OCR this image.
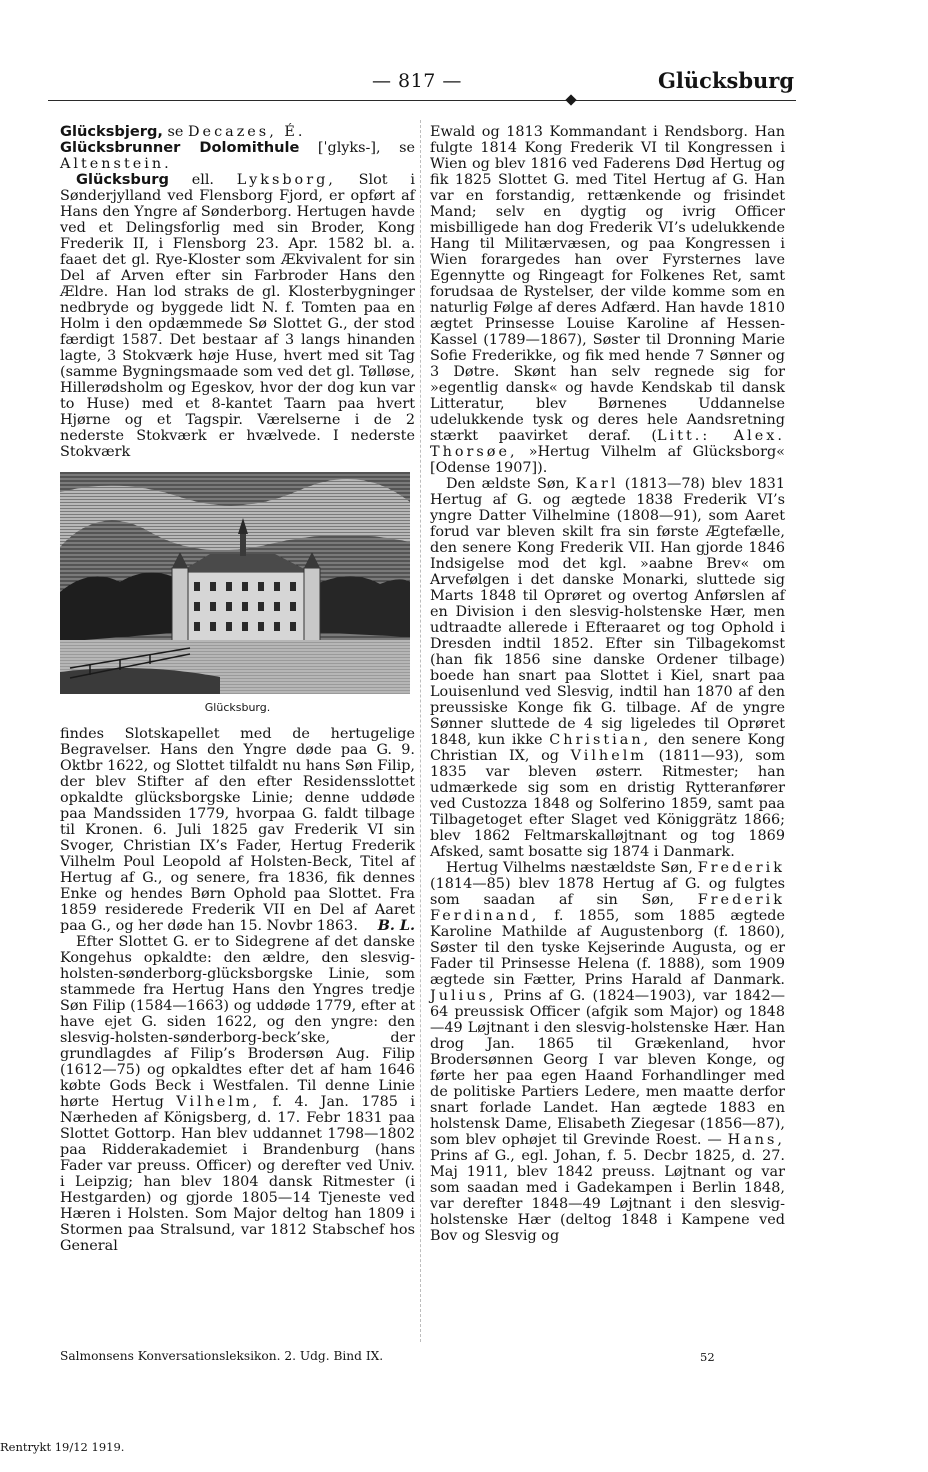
— 817 —	Glücksburg

Glücksbjerg, se Decazes, É.

Glücksbrunner Dolomithule [ˈglyks-], se Altenstein.

Glücksburg ell. Lyksborg, Slot i Sønderjylland ved Flensborg Fjord, er opført af Hans den Yngre af Sønderborg. Hertugen havde ved et Delingsforlig med sin Broder, Kong Frederik II, i Flensborg 23. Apr. 1582 bl. a. faaet det gl. Rye-Kloster som Ækvivalent for sin Del af Arven efter sin Farbroder Hans den Ældre. Han lod straks de gl. Klosterbygninger nedbryde og byggede lidt N. f. Tomten paa en Holm i den opdæmmede Sø Slottet G., der stod færdigt 1587. Det bestaar af 3 langs hinanden lagte, 3 Stokværk høje Huse, hvert med sit Tag (samme Bygningsmaade som ved det gl. Tølløse, Hillerødsholm og Egeskov, hvor der dog kun var to Huse) med et 8-kantet Taarn paa hvert Hjørne og et Tagspir. Værelserne i de 2 nederste Stokværk er hvælvede. I nederste Stokværk

Glücksburg.

findes Slotskapellet med de hertugelige Begravelser. Hans den Yngre døde paa G. 9. Oktbr 1622, og Slottet tilfaldt nu hans Søn Filip, der blev Stifter af den efter Residensslottet opkaldte glücksborgske Linie; denne uddøde paa Mandssiden 1779, hvorpaa G. faldt tilbage til Kronen. 6. Juli 1825 gav Frederik VI sin Svoger, Christian IX’s Fader, Hertug Frederik Vilhelm Poul Leopold af Holsten-Beck, Titel af Hertug af G., og senere, fra 1836, fik dennes Enke og hendes Børn Ophold paa Slottet. Fra 1859 residerede Frederik VII en Del af Aaret paa G., og her døde han 15. Novbr 1863. B. L.

Efter Slottet G. er to Sidegrene af det danske Kongehus opkaldte: den ældre, den slesvig-holsten-sønderborg-glücksborgske Linie, som stammede fra Hertug Hans den Yngres tredje Søn Filip (1584—1663) og uddøde 1779, efter at have ejet G. siden 1622, og den yngre: den slesvig-holsten-sønderborg-beck’ske, der grundlagdes af Filip’s Brodersøn Aug. Filip (1612—75) og opkaldtes efter det af ham 1646 købte Gods Beck i Westfalen. Til denne Linie hørte Hertug Vilhelm, f. 4. Jan. 1785 i Nærheden af Königsberg, d. 17. Febr 1831 paa Slottet Gottorp. Han blev uddannet 1798—1802 paa Ridderakademiet i Brandenburg (hans Fader var preuss. Officer) og derefter ved Univ. i Leipzig; han blev 1804 dansk Ritmester (i Hestgarden) og gjorde 1805—14 Tjeneste ved Hæren i Holsten. Som Major deltog han 1809 i Stormen paa Stralsund, var 1812 Stabschef hos General

Ewald og 1813 Kommandant i Rendsborg. Han fulgte 1814 Kong Frederik VI til Kongressen i Wien og blev 1816 ved Faderens Død Hertug og fik 1825 Slottet G. med Titel Hertug af G. Han var en forstandig, rettænkende og frisindet Mand; selv en dygtig og ivrig Officer misbilligede han dog Frederik VI’s udelukkende Hang til Militærvæsen, og paa Kongressen i Wien forargedes han over Fyrsternes lave Egennytte og Ringeagt for Folkenes Ret, samt forudsaa de Rystelser, der vilde komme som en naturlig Følge af deres Adfærd. Han havde 1810 ægtet Prinsesse Louise Karoline af Hessen-Kassel (1789—1867), Søster til Dronning Marie Sofie Frederikke, og fik med hende 7 Sønner og 3 Døtre. Skønt han selv regnede sig for »egentlig dansk« og havde Kendskab til dansk Litteratur, blev Børnenes Uddannelse udelukkende tysk og deres hele Aandsretning stærkt paavirket deraf. (Litt.: Alex. Thorsøe, »Hertug Vilhelm af Glücksborg« [Odense 1907]).

Den ældste Søn, Karl (1813—78) blev 1831 Hertug af G. og ægtede 1838 Frederik VI’s yngre Datter Vilhelmine (1808—91), som Aaret forud var bleven skilt fra sin første Ægtefælle, den senere Kong Frederik VII. Han gjorde 1846 Indsigelse mod det kgl. »aabne Brev« om Arvefølgen i det danske Monarki, sluttede sig Marts 1848 til Oprøret og overtog Anførslen af en Division i den slesvig-holstenske Hær, men udtraadte allerede i Efteraaret og tog Ophold i Dresden indtil 1852. Efter sin Tilbagekomst (han fik 1856 sine danske Ordener tilbage) boede han snart paa Slottet i Kiel, snart paa Louisenlund ved Slesvig, indtil han 1870 af den preussiske Konge fik G. tilbage. Af de yngre Sønner sluttede de 4 sig ligeledes til Oprøret 1848, kun ikke Christian, den senere Kong Christian IX, og Vilhelm (1811—93), som 1835 var bleven østerr. Ritmester; han udmærkede sig som en dristig Rytteranfører ved Custozza 1848 og Solferino 1859, samt paa Tilbagetoget efter Slaget ved Königgrätz 1866; blev 1862 Feltmarskalløjtnant og tog 1869 Afsked, samt bosatte sig 1874 i Danmark.

Hertug Vilhelms næstældste Søn, Frederik (1814—85) blev 1878 Hertug af G. og fulgtes som saadan af sin Søn, Frederik Ferdinand, f. 1855, som 1885 ægtede Karoline Mathilde af Augustenborg (f. 1860), Søster til den tyske Kejserinde Augusta, og er Fader til Prinsesse Helena (f. 1888), som 1909 ægtede sin Fætter, Prins Harald af Danmark. Julius, Prins af G. (1824—1903), var 1842—64 preussisk Officer (afgik som Major) og 1848—49 Løjtnant i den slesvig-holstenske Hær. Han drog Jan. 1865 til Grækenland, hvor Brodersønnen Georg I var bleven Konge, og førte her paa egen Haand Forhandlinger med de politiske Partiers Ledere, men maatte derfor snart forlade Landet. Han ægtede 1883 en holstensk Dame, Elisabeth Ziegesar (1856—87), som blev ophøjet til Grevinde Roest. — Hans, Prins af G., egl. Johan, f. 5. Decbr 1825, d. 27. Maj 1911, blev 1842 preuss. Løjtnant og var som saadan med i Gadekampen i Berlin 1848, var derefter 1848—49 Løjtnant i den slesvig-holstenske Hær (deltog 1848 i Kampene ved Bov og Slesvig og

Salmonsens Konversationsleksikon. 2. Udg. Bind IX.	52
Rentrykt 19/12 1919.
